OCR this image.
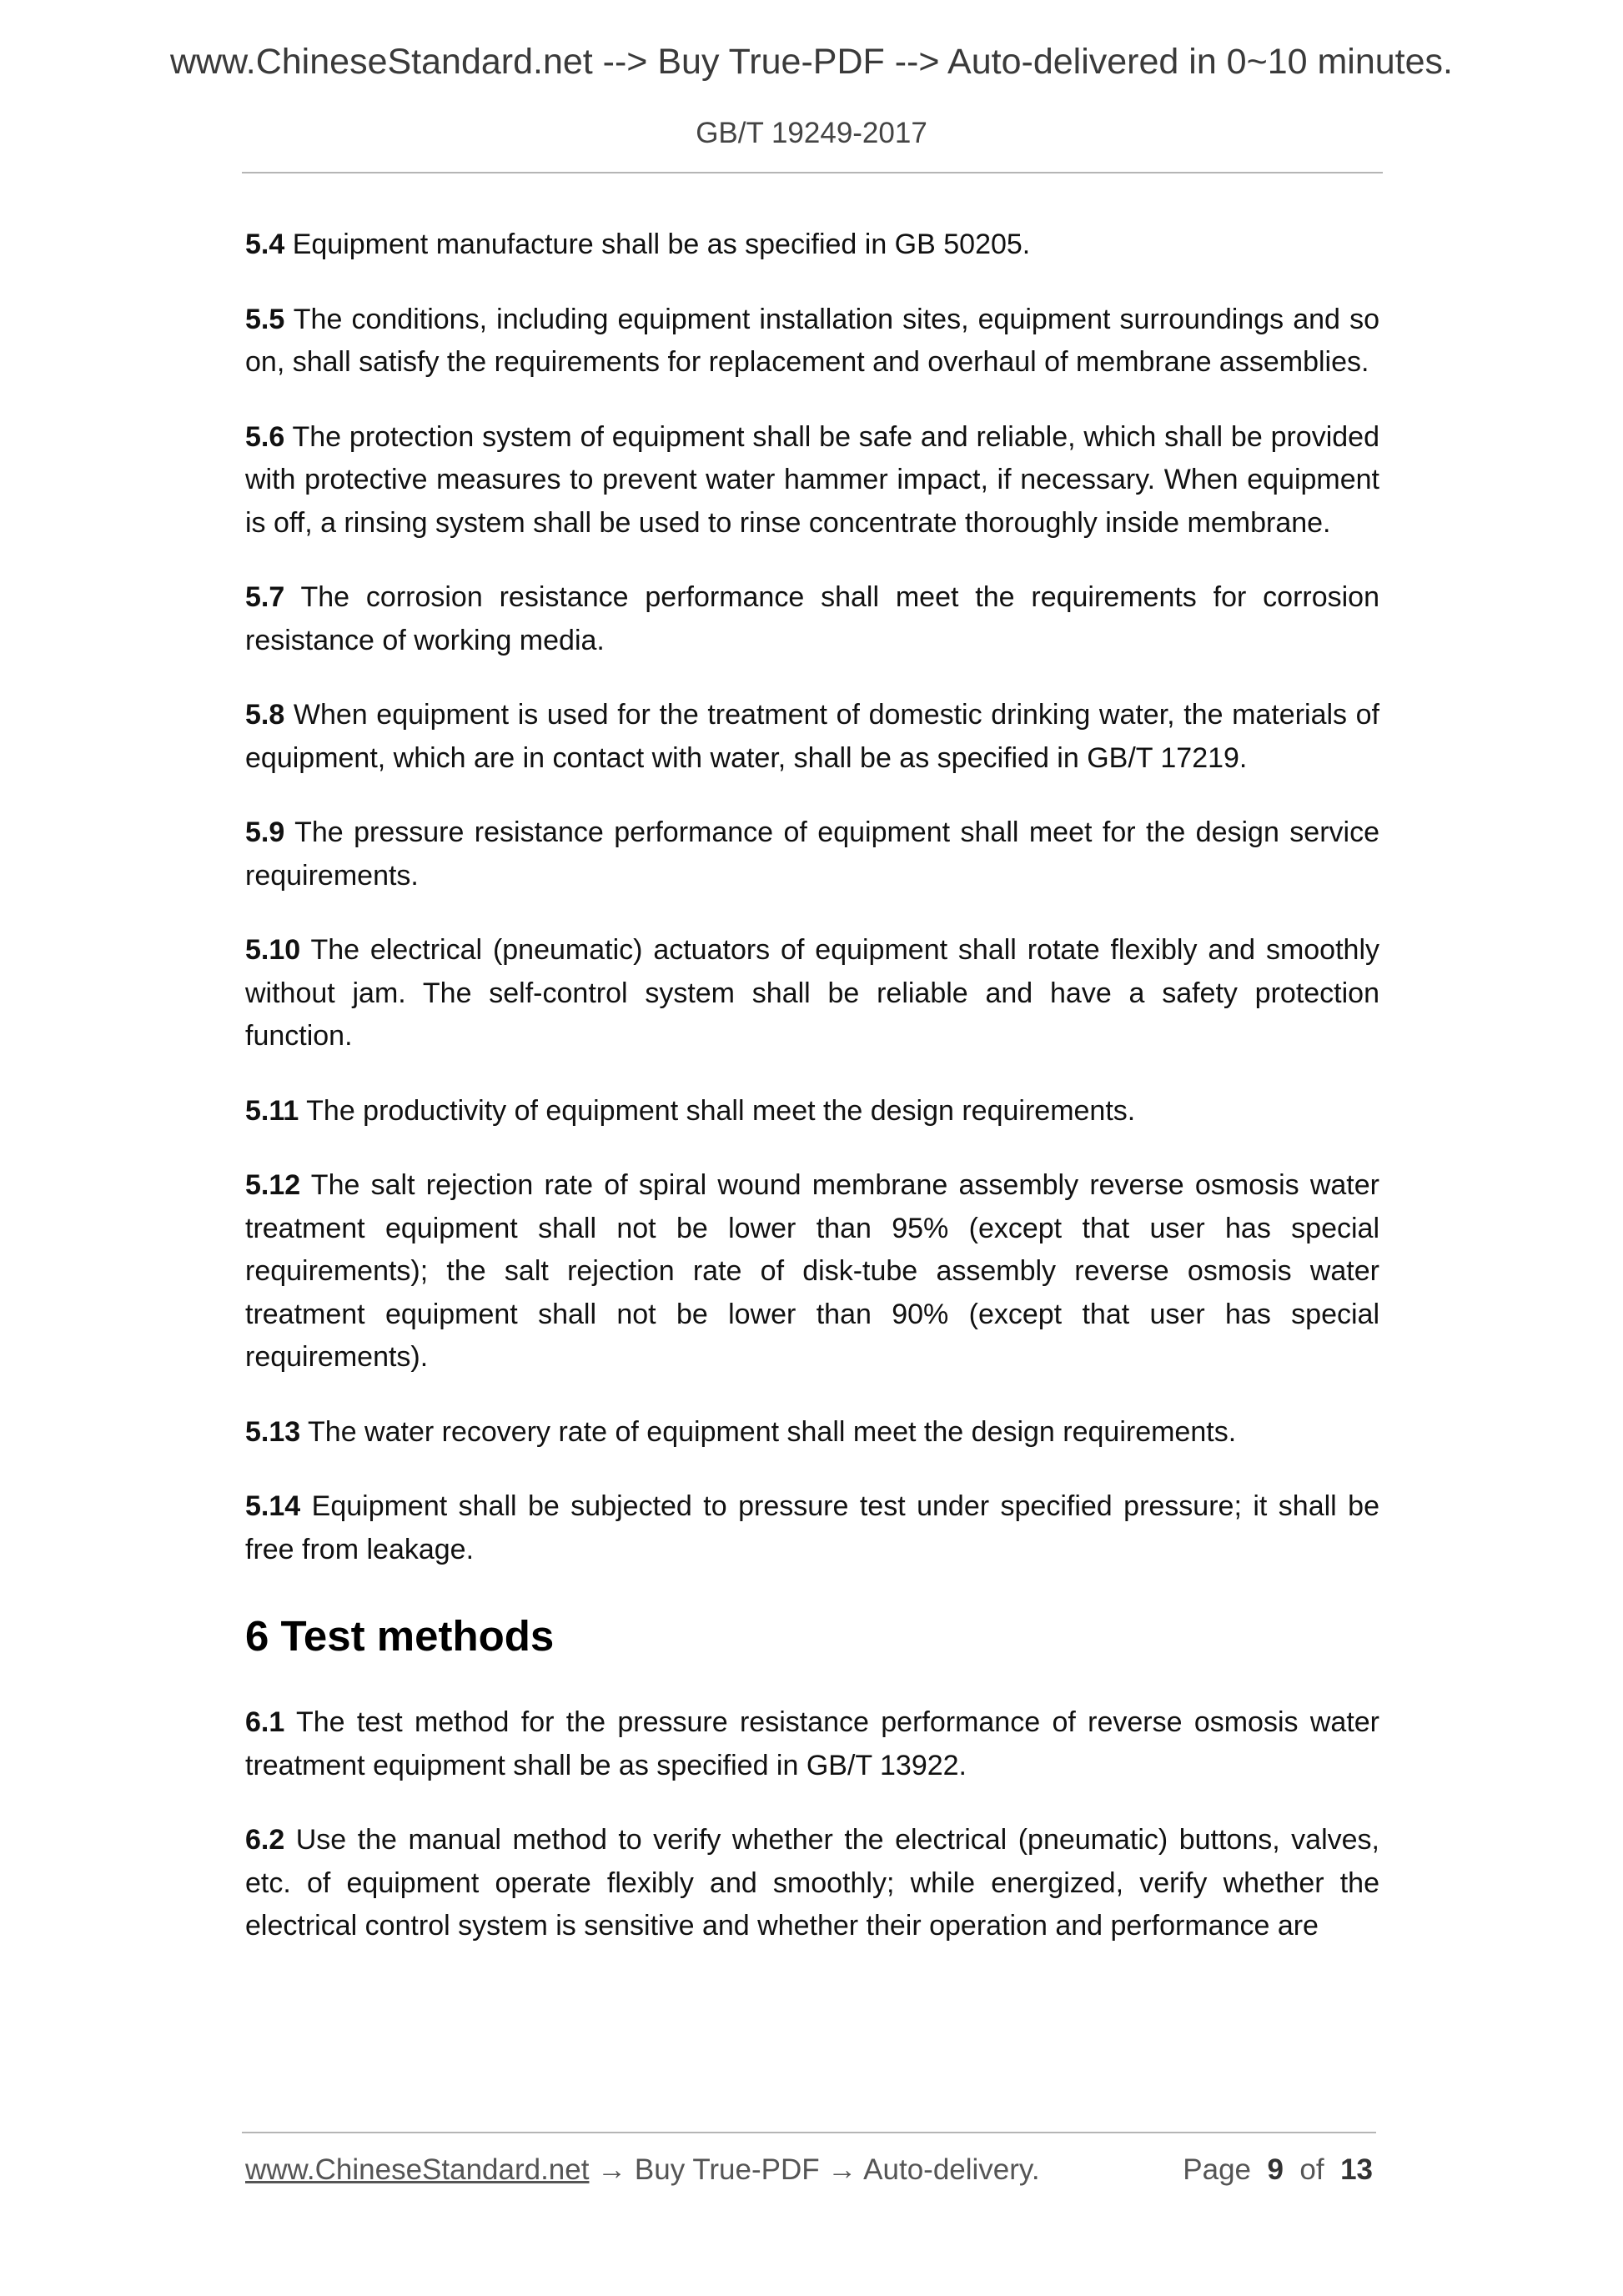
www.ChineseStandard.net --> Buy True-PDF --> Auto-delivered in 0~10 minutes.
GB/T 19249-2017

5.4 Equipment manufacture shall be as specified in GB 50205.

5.5 The conditions, including equipment installation sites, equipment surroundings and so on, shall satisfy the requirements for replacement and overhaul of membrane assemblies.

5.6 The protection system of equipment shall be safe and reliable, which shall be provided with protective measures to prevent water hammer impact, if necessary. When equipment is off, a rinsing system shall be used to rinse concentrate thoroughly inside membrane.

5.7 The corrosion resistance performance shall meet the requirements for corrosion resistance of working media.

5.8 When equipment is used for the treatment of domestic drinking water, the materials of equipment, which are in contact with water, shall be as specified in GB/T 17219.

5.9 The pressure resistance performance of equipment shall meet for the design service requirements.

5.10 The electrical (pneumatic) actuators of equipment shall rotate flexibly and smoothly without jam. The self-control system shall be reliable and have a safety protection function.

5.11 The productivity of equipment shall meet the design requirements.

5.12 The salt rejection rate of spiral wound membrane assembly reverse osmosis water treatment equipment shall not be lower than 95% (except that user has special requirements); the salt rejection rate of disk-tube assembly reverse osmosis water treatment equipment shall not be lower than 90% (except that user has special requirements).

5.13 The water recovery rate of equipment shall meet the design requirements.

5.14 Equipment shall be subjected to pressure test under specified pressure; it shall be free from leakage.

6 Test methods

6.1 The test method for the pressure resistance performance of reverse osmosis water treatment equipment shall be as specified in GB/T 13922.

6.2 Use the manual method to verify whether the electrical (pneumatic) buttons, valves, etc. of equipment operate flexibly and smoothly; while energized, verify whether the electrical control system is sensitive and whether their operation and performance are

www.ChineseStandard.net → Buy True-PDF → Auto-delivery.	Page 9 of 13
